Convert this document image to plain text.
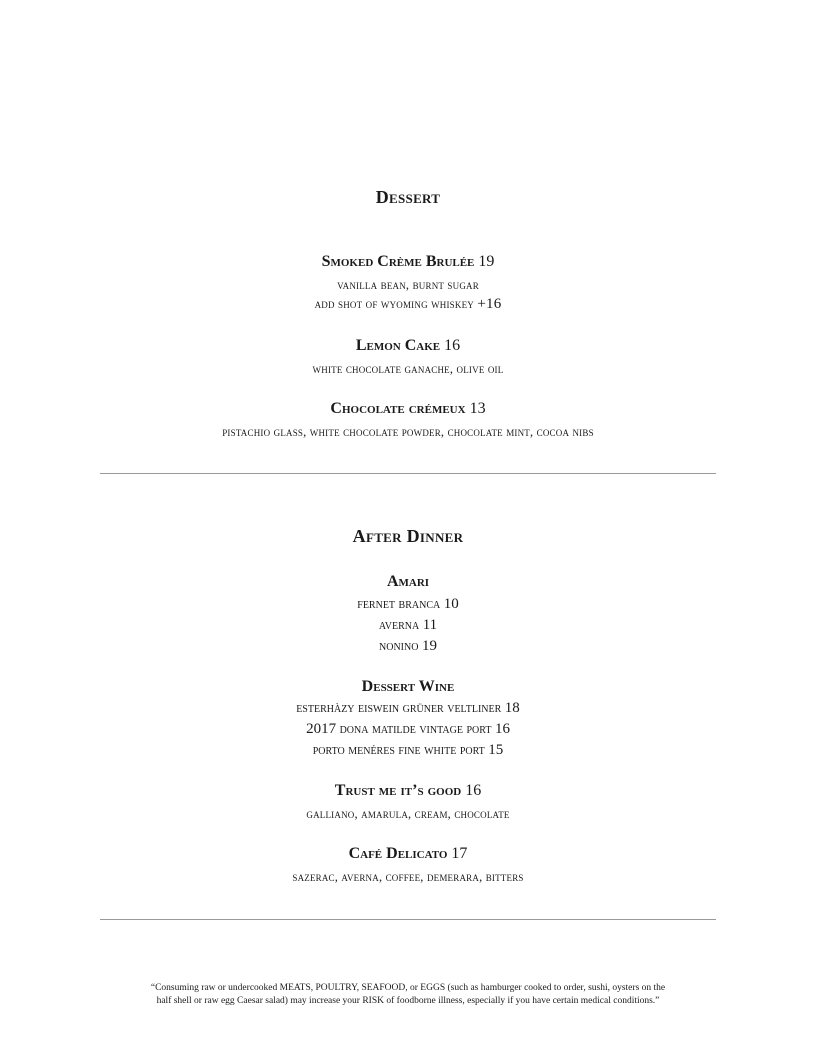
Dessert
Smoked Crème Brulée 19
vanilla bean, burnt sugar
add shot of wyoming whiskey +16
Lemon Cake 16
white chocolate ganache, olive oil
Chocolate crémeux 13
pistachio glass, white chocolate powder, chocolate mint, cocoa nibs
After Dinner
Amari
fernet branca 10
averna 11
nonino 19
Dessert Wine
esterhàzy eiswein grüner veltliner 18
2017 dona matilde vintage port 16
porto menéres fine white port 15
Trust me it’s good 16
galliano, amarula, cream, chocolate
Café Delicato 17
sazerac, averna, coffee, demerara, bitters
“Consuming raw or undercooked MEATS, POULTRY, SEAFOOD, or EGGS (such as hamburger cooked to order, sushi, oysters on the
half shell or raw egg Caesar salad) may increase your RISK of foodborne illness, especially if you have certain medical conditions.”
